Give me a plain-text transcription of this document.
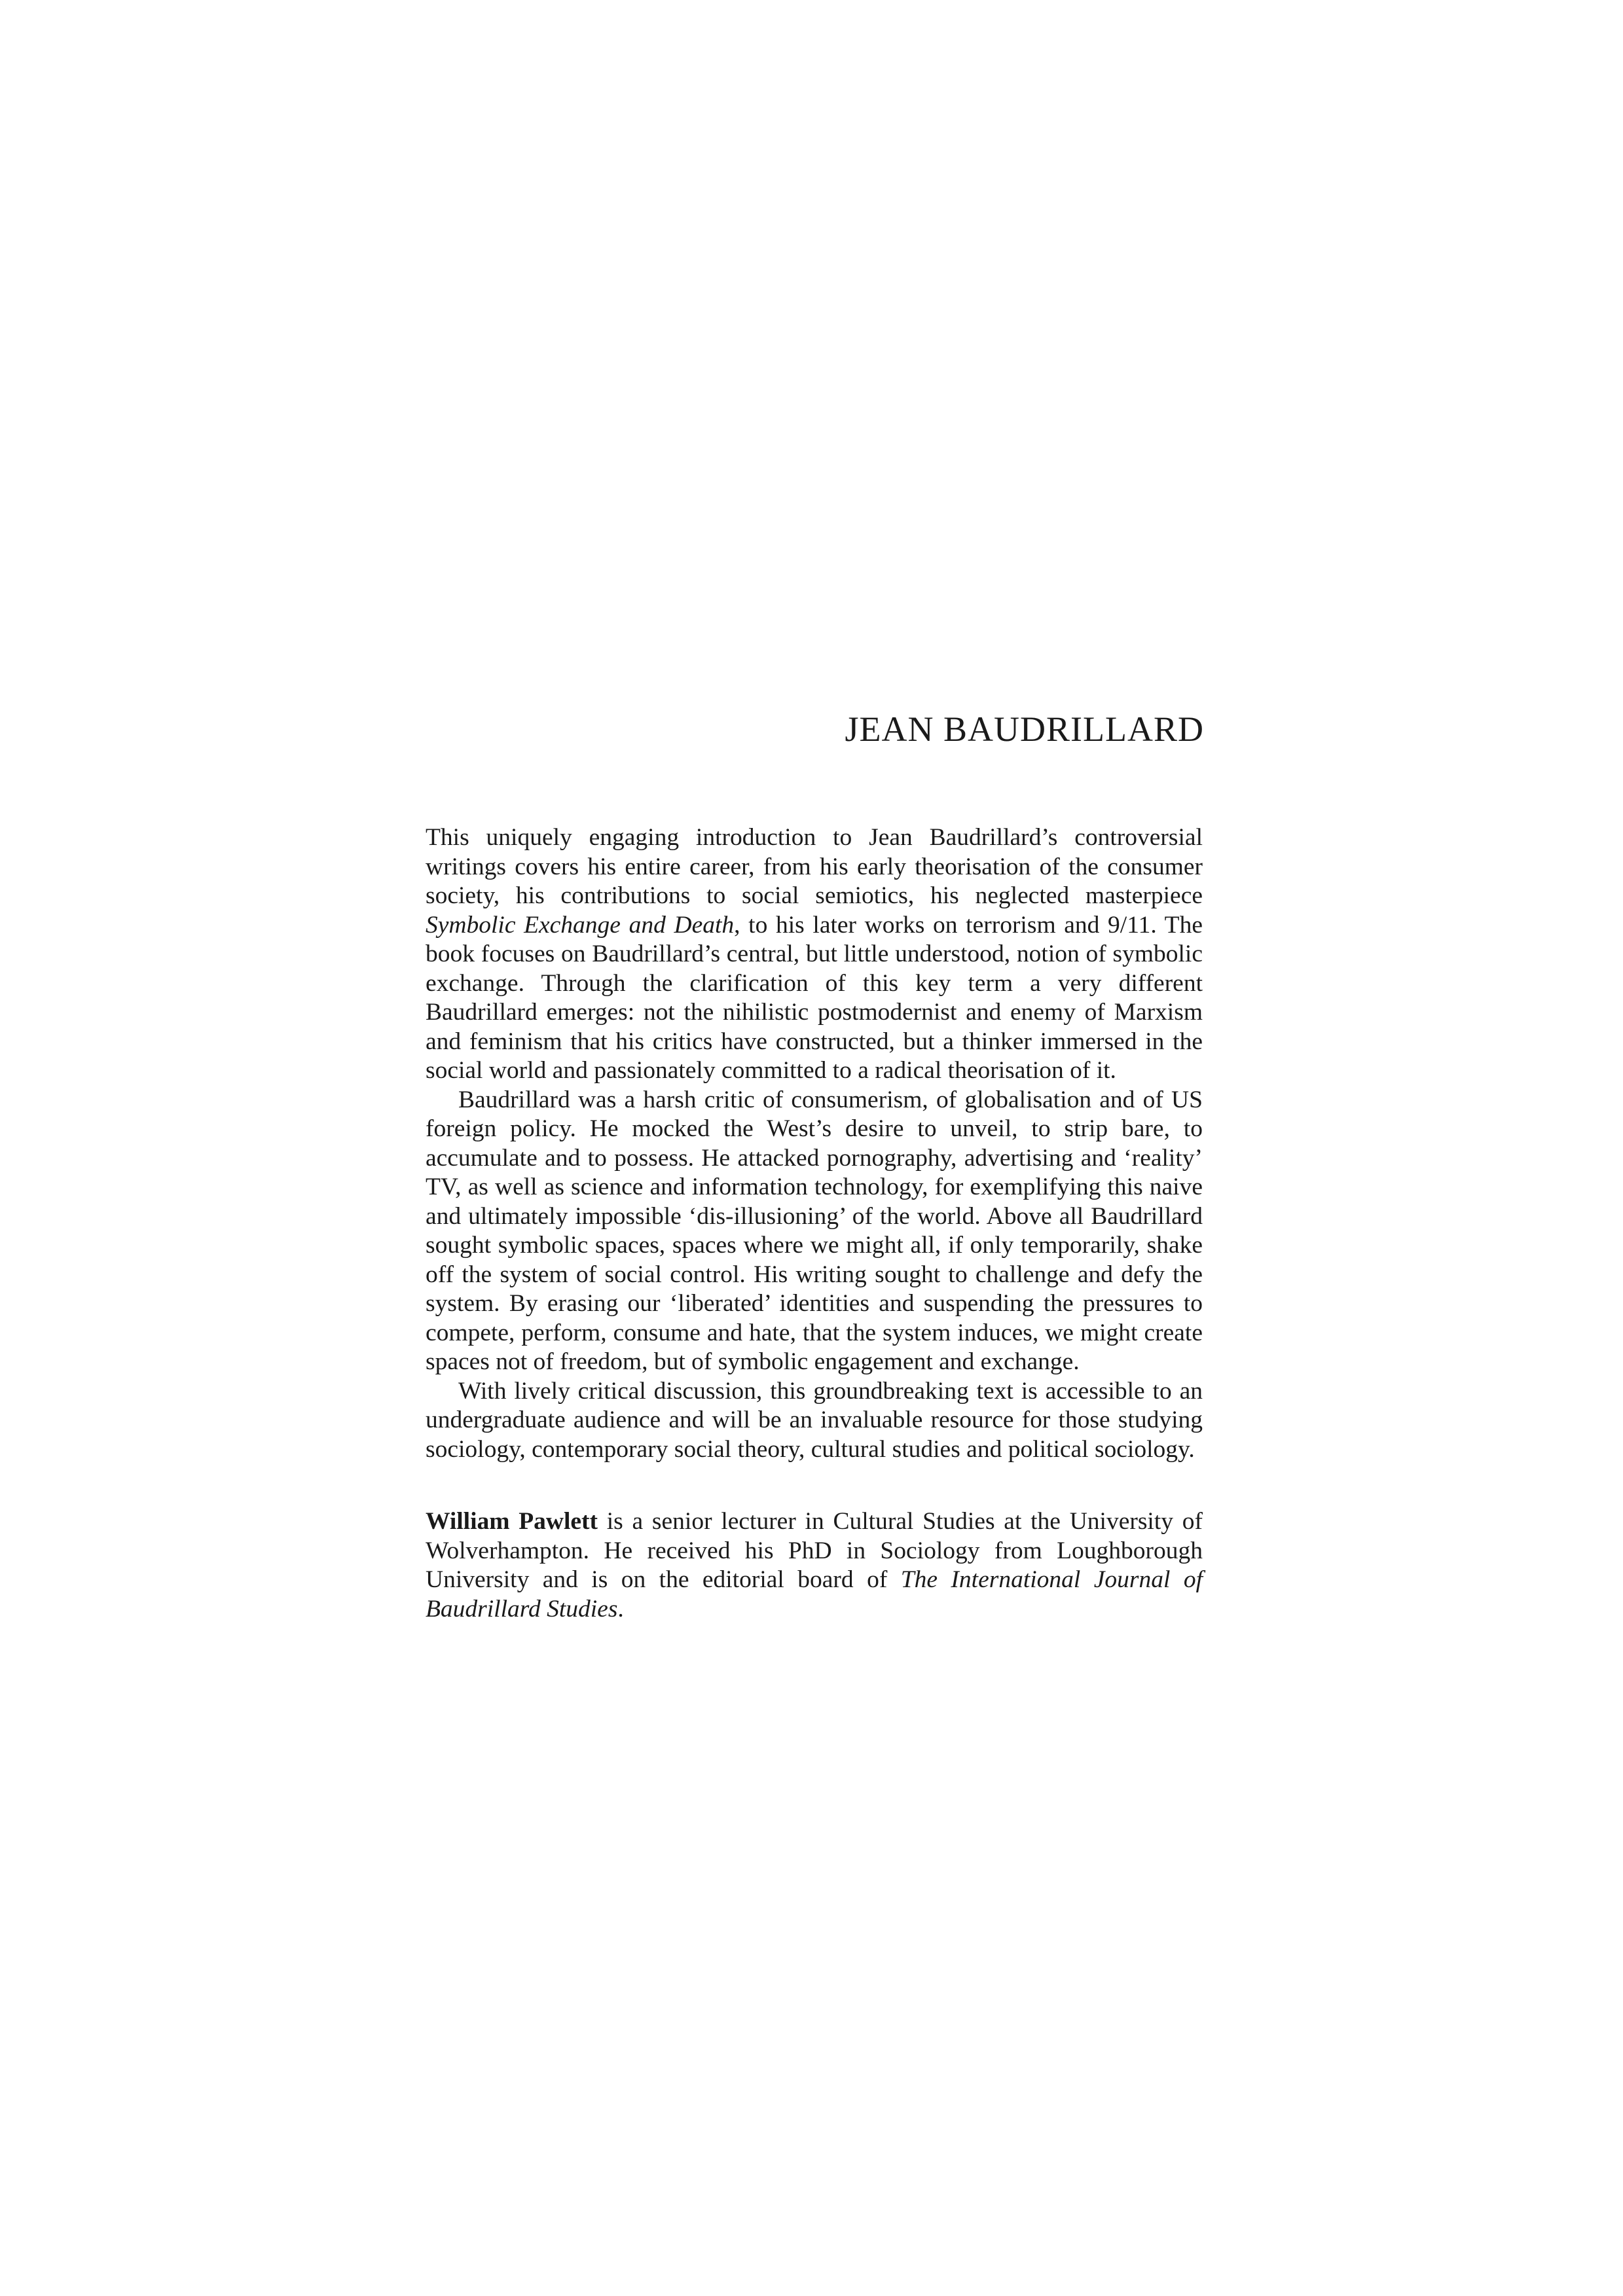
JEAN BAUDRILLARD

This uniquely engaging introduction to Jean Baudrillard’s controversial writings covers his entire career, from his early theorisation of the consumer society, his contributions to social semiotics, his neglected masterpiece Symbolic Exchange and Death, to his later works on terrorism and 9/11. The book focuses on Baudrillard’s central, but little understood, notion of symbolic exchange. Through the clarification of this key term a very different Baudrillard emerges: not the nihilistic postmodernist and enemy of Marxism and feminism that his critics have constructed, but a thinker immersed in the social world and passionately committed to a radical theorisation of it.

Baudrillard was a harsh critic of consumerism, of globalisation and of US foreign policy. He mocked the West’s desire to unveil, to strip bare, to accumulate and to possess. He attacked pornography, advertising and ‘reality’ TV, as well as science and information technology, for exemplifying this naive and ultimately impossible ‘dis-illusioning’ of the world. Above all Baudrillard sought symbolic spaces, spaces where we might all, if only temporarily, shake off the system of social control. His writing sought to challenge and defy the system. By erasing our ‘liberated’ identities and suspending the pressures to compete, perform, consume and hate, that the system induces, we might create spaces not of freedom, but of symbolic engagement and exchange.

With lively critical discussion, this groundbreaking text is accessible to an undergraduate audience and will be an invaluable resource for those studying sociology, contemporary social theory, cultural studies and political sociology.

William Pawlett is a senior lecturer in Cultural Studies at the University of Wolverhampton. He received his PhD in Sociology from Loughborough University and is on the editorial board of The International Journal of Baudrillard Studies.
